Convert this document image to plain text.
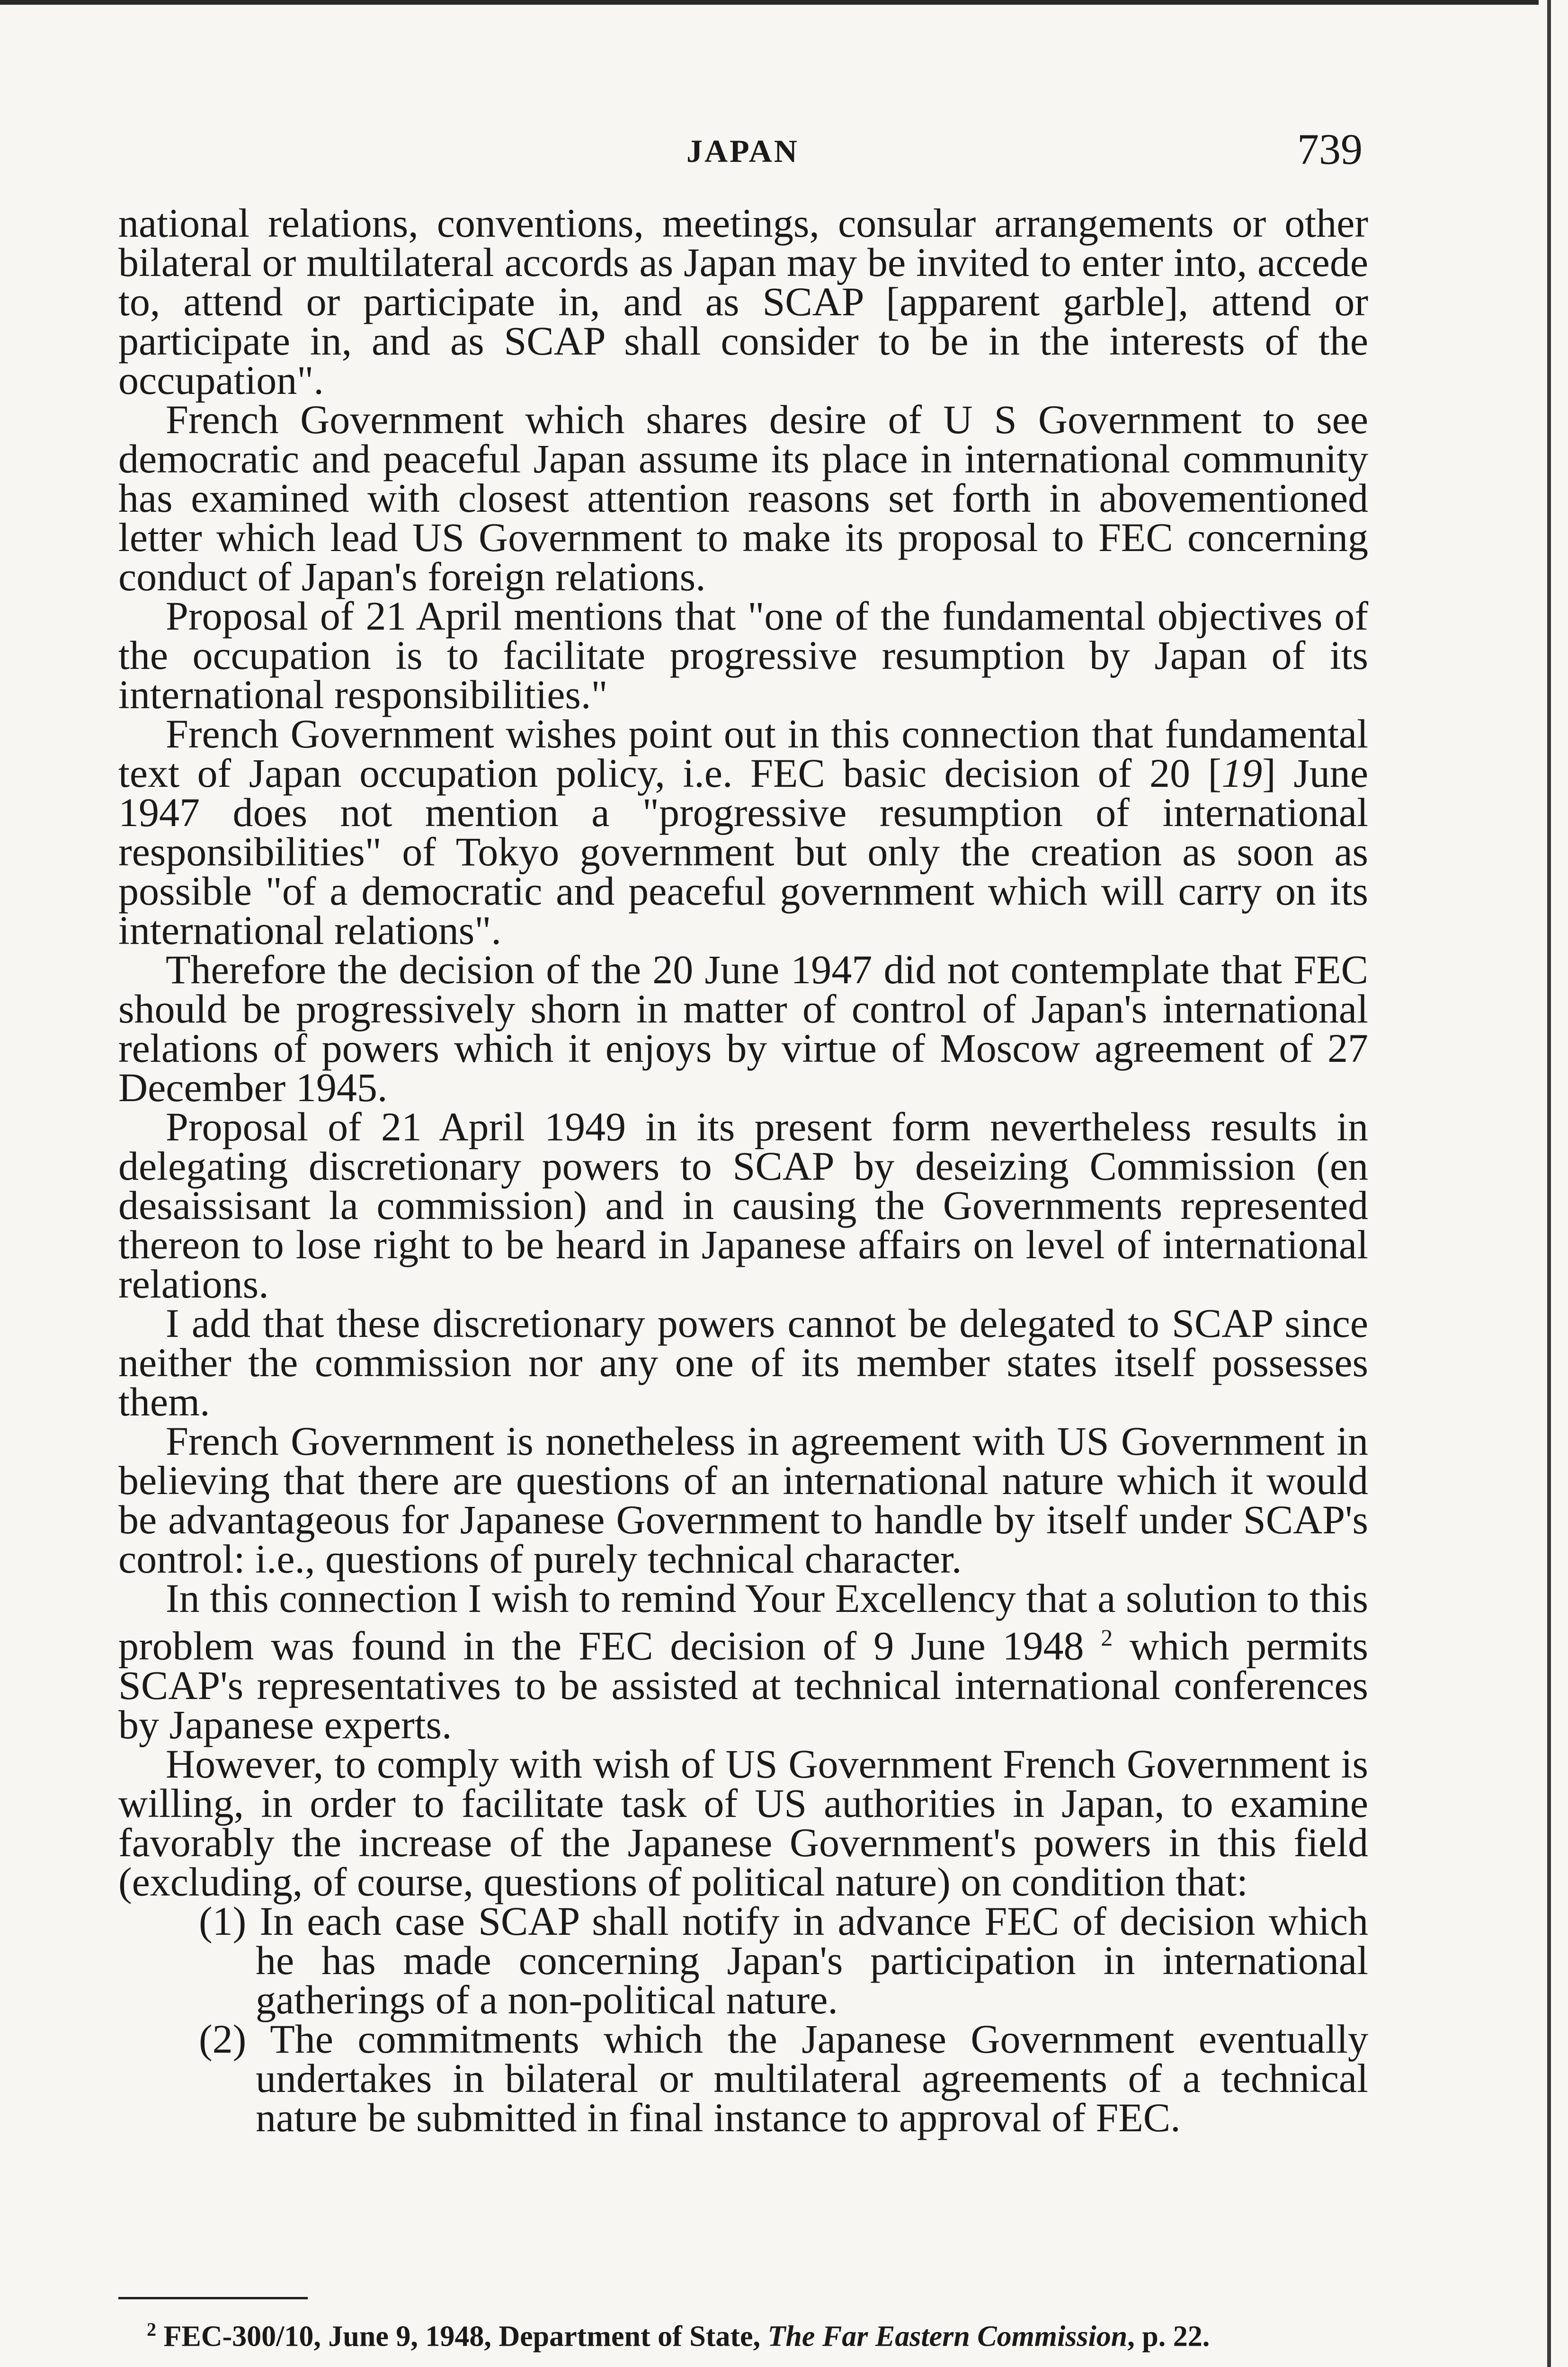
JAPAN	739

national relations, conventions, meetings, consular arrangements or other bilateral or multilateral accords as Japan may be invited to enter into, accede to, attend or participate in, and as SCAP [apparent garble], attend or participate in, and as SCAP shall consider to be in the interests of the occupation".

French Government which shares desire of U S Government to see democratic and peaceful Japan assume its place in international community has examined with closest attention reasons set forth in abovementioned letter which lead US Government to make its proposal to FEC concerning conduct of Japan's foreign relations.

Proposal of 21 April mentions that "one of the fundamental objectives of the occupation is to facilitate progressive resumption by Japan of its international responsibilities."

French Government wishes point out in this connection that fundamental text of Japan occupation policy, i.e. FEC basic decision of 20 [19] June 1947 does not mention a "progressive resumption of international responsibilities" of Tokyo government but only the creation as soon as possible "of a democratic and peaceful government which will carry on its international relations".

Therefore the decision of the 20 June 1947 did not contemplate that FEC should be progressively shorn in matter of control of Japan's international relations of powers which it enjoys by virtue of Moscow agreement of 27 December 1945.

Proposal of 21 April 1949 in its present form nevertheless results in delegating discretionary powers to SCAP by deseizing Commission (en desaissisant la commission) and in causing the Governments represented thereon to lose right to be heard in Japanese affairs on level of international relations.

I add that these discretionary powers cannot be delegated to SCAP since neither the commission nor any one of its member states itself possesses them.

French Government is nonetheless in agreement with US Government in believing that there are questions of an international nature which it would be advantageous for Japanese Government to handle by itself under SCAP's control: i.e., questions of purely technical character.

In this connection I wish to remind Your Excellency that a solution to this problem was found in the FEC decision of 9 June 1948 $^2$ which permits SCAP's representatives to be assisted at technical international conferences by Japanese experts.

However, to comply with wish of US Government French Government is willing, in order to facilitate task of US authorities in Japan, to examine favorably the increase of the Japanese Government's powers in this field (excluding, of course, questions of political nature) on condition that:

(1) In each case SCAP shall notify in advance FEC of decision which he has made concerning Japan's participation in international gatherings of a non-political nature.

(2) The commitments which the Japanese Government eventually undertakes in bilateral or multilateral agreements of a technical nature be submitted in final instance to approval of FEC.

$^2$ FEC-300/10, June 9, 1948, Department of State, The Far Eastern Commission, p. 22.
